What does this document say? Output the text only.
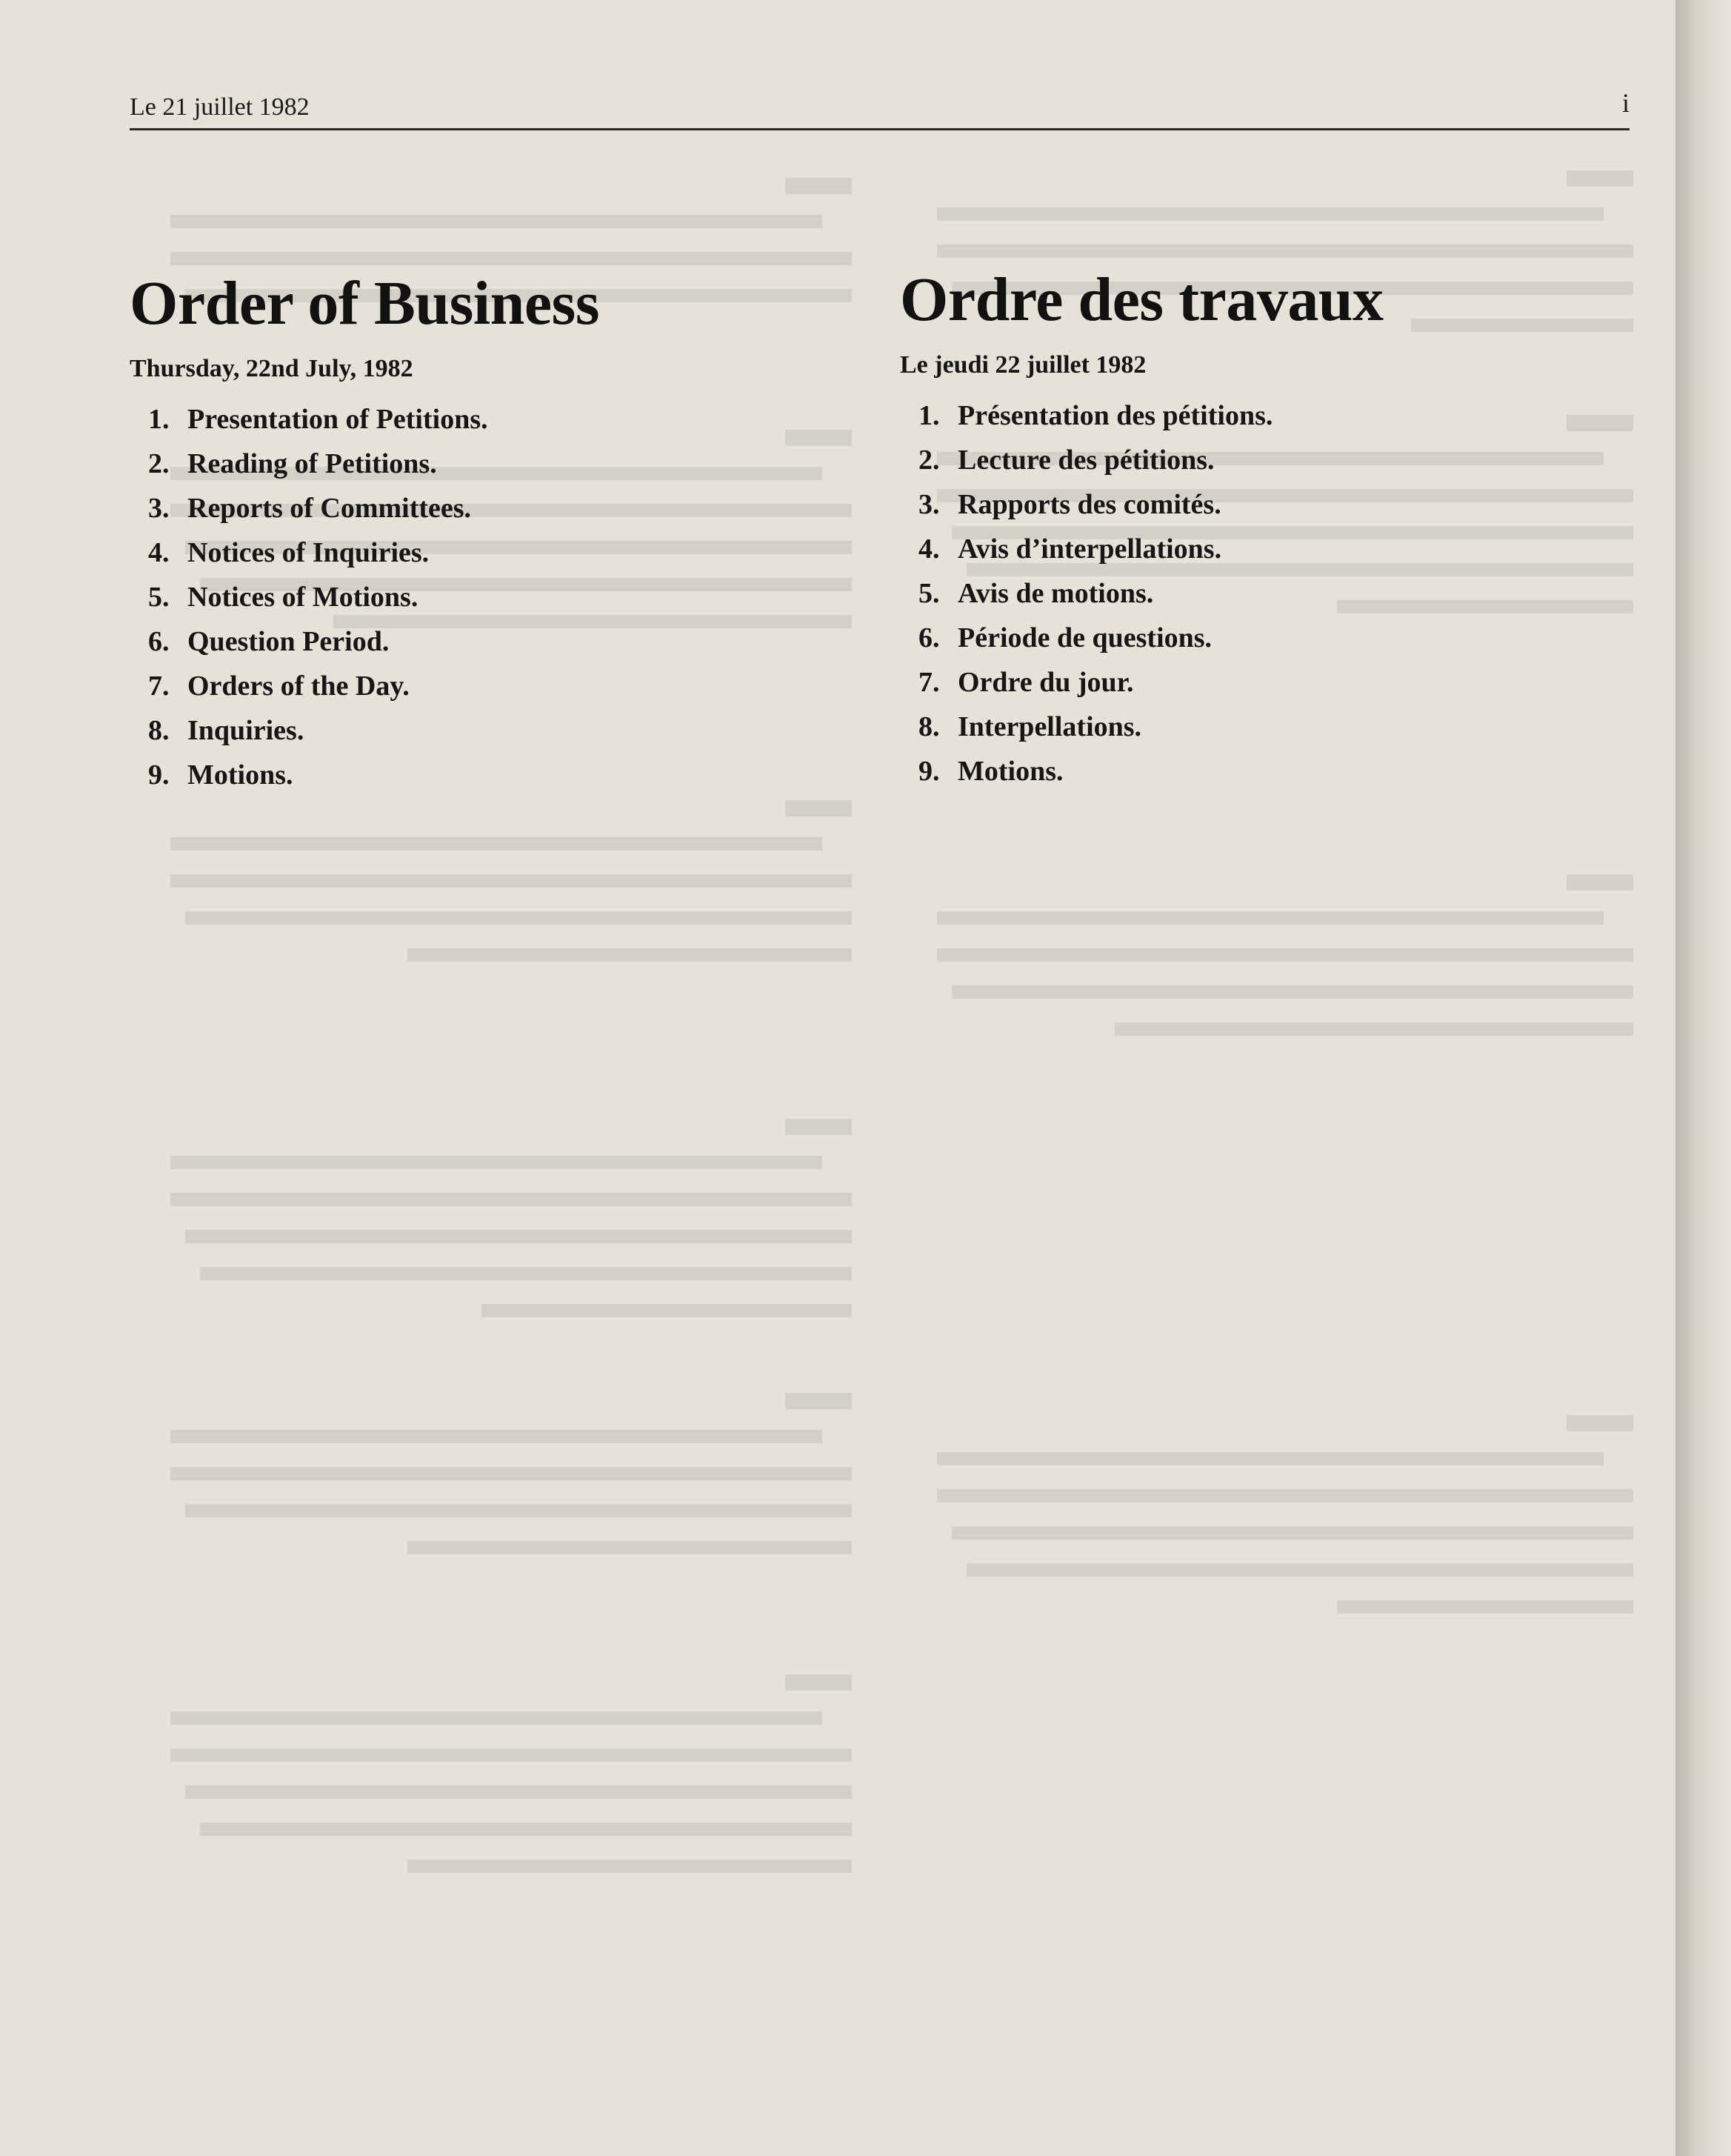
Le 21 juillet 1982	i
Order of Business
Thursday, 22nd July, 1982
1. Presentation of Petitions.
2. Reading of Petitions.
3. Reports of Committees.
4. Notices of Inquiries.
5. Notices of Motions.
6. Question Period.
7. Orders of the Day.
8. Inquiries.
9. Motions.
Ordre des travaux
Le jeudi 22 juillet 1982
1. Présentation des pétitions.
2. Lecture des pétitions.
3. Rapports des comités.
4. Avis d’interpellations.
5. Avis de motions.
6. Période de questions.
7. Ordre du jour.
8. Interpellations.
9. Motions.
